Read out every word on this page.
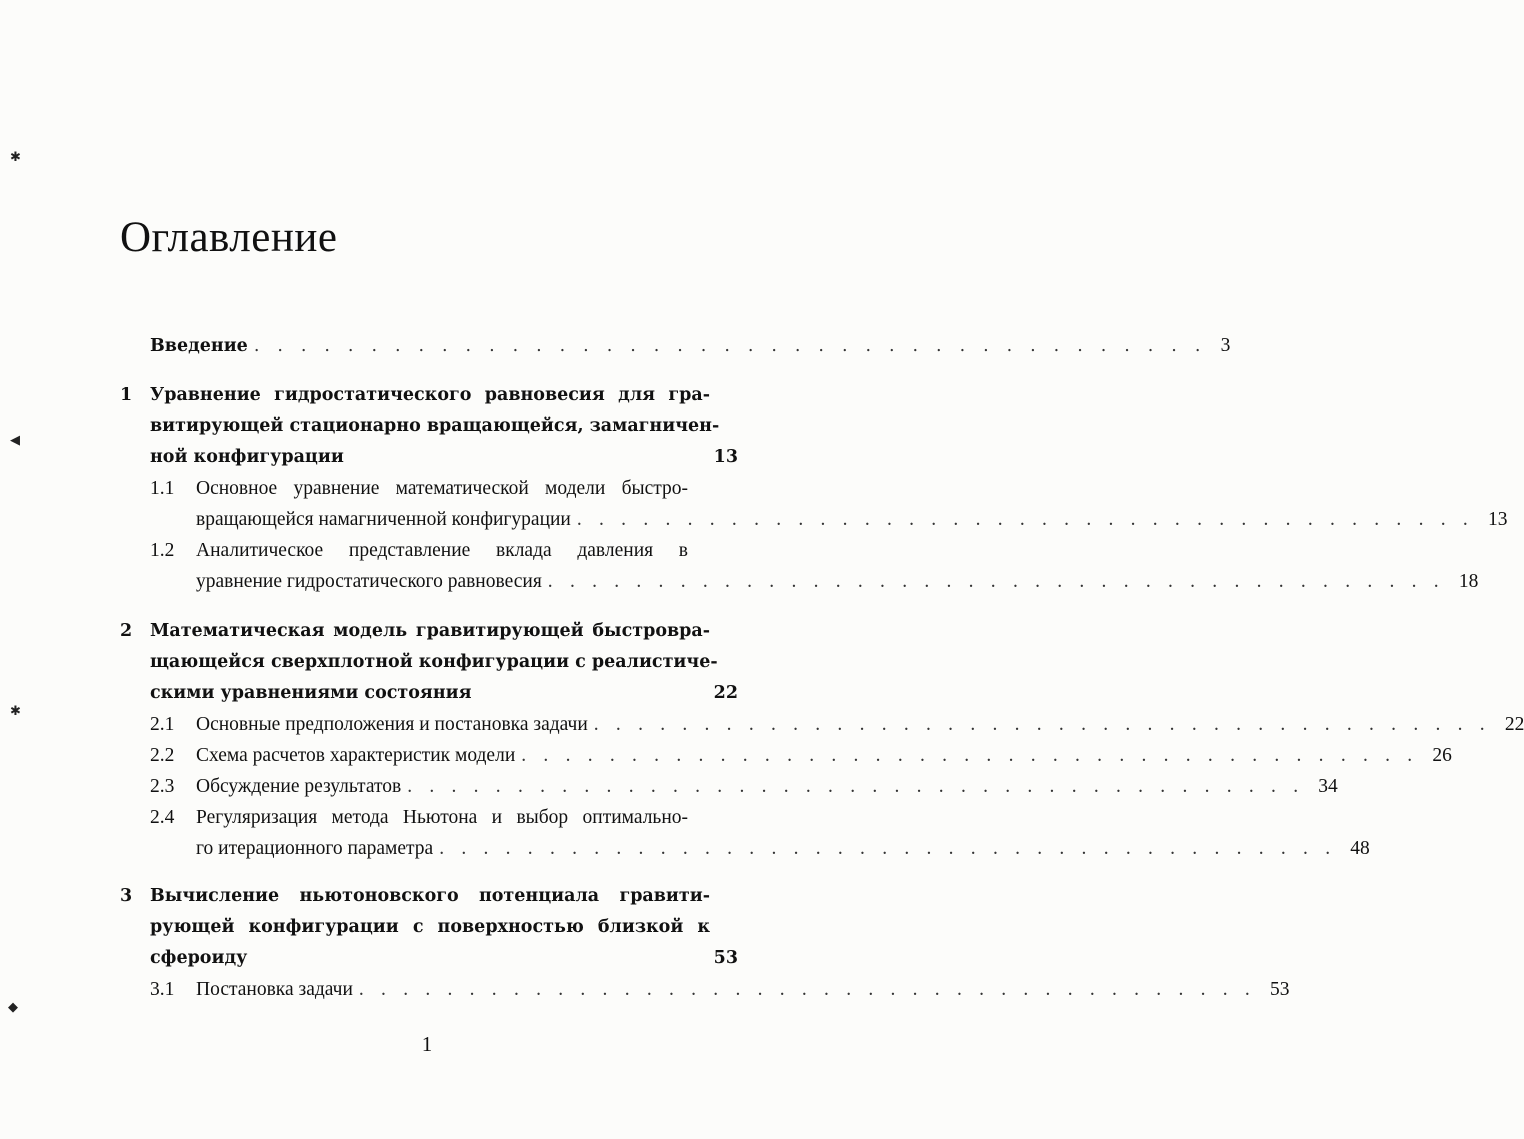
Оглавление
Введение . . . . . . . . . . . . . . . . . . . . . . . . . . . . . . . . . . . . . . . . . 3
1 Уравнение гидростатического равновесия для гра-
витирующей стационарно вращающейся, замагничен-
ной конфигурации	13
1.1 Основное уравнение математической модели быстро-
вращающейся намагниченной конфигурации . . . . . . . . . . . . . . . . . . . . . . . . . . . . . . . . . . . . . . . . . 13
1.2 Аналитическое представление вклада давления в
уравнение гидростатического равновесия . . . . . . . . . . . . . . . . . . . . . . . . . . . . . . . . . . . . . . . . . 18
2 Математическая модель гравитирующей быстровра-
щающейся сверхплотной конфигурации с реалистиче-
скими уравнениями состояния	22
2.1 Основные предположения и постановка задачи . . . . . . . . . . . . . . . . . . . . . . . . . . . . . . . . . . . . . . . . . 22
2.2 Схема расчетов характеристик модели . . . . . . . . . . . . . . . . . . . . . . . . . . . . . . . . . . . . . . . . . 26
2.3 Обсуждение результатов . . . . . . . . . . . . . . . . . . . . . . . . . . . . . . . . . . . . . . . . . 34
2.4 Регуляризация метода Ньютона и выбор оптимально-
го итерационного параметра . . . . . . . . . . . . . . . . . . . . . . . . . . . . . . . . . . . . . . . . . 48
3 Вычисление ньютоновского потенциала гравити-
рующей конфигурации с поверхностью близкой к
сфероиду	53
3.1 Постановка задачи . . . . . . . . . . . . . . . . . . . . . . . . . . . . . . . . . . . . . . . . . 53
1
✱
◀
✱
◆
